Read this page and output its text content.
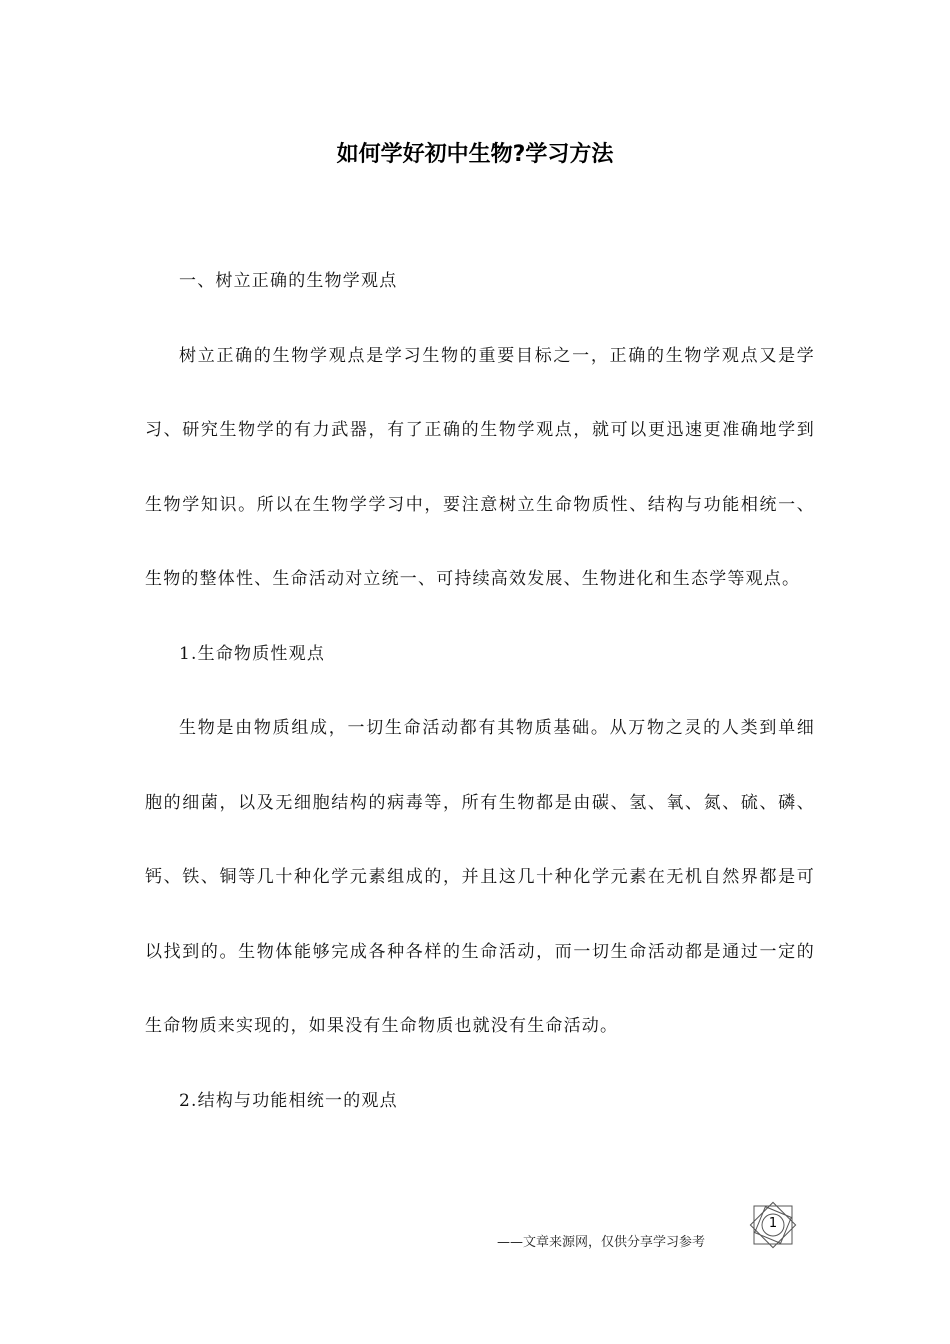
如何学好初中生物?学习方法

一、树立正确的生物学观点

树立正确的生物学观点是学习生物的重要目标之一，正确的生物学观点又是学习、研究生物学的有力武器，有了正确的生物学观点，就可以更迅速更准确地学到生物学知识。所以在生物学学习中，要注意树立生命物质性、结构与功能相统一、生物的整体性、生命活动对立统一、可持续高效发展、生物进化和生态学等观点。

1.生命物质性观点

生物是由物质组成，一切生命活动都有其物质基础。从万物之灵的人类到单细胞的细菌，以及无细胞结构的病毒等，所有生物都是由碳、氢、氧、氮、硫、磷、钙、铁、铜等几十种化学元素组成的，并且这几十种化学元素在无机自然界都是可以找到的。生物体能够完成各种各样的生命活动，而一切生命活动都是通过一定的生命物质来实现的，如果没有生命物质也就没有生命活动。

2.结构与功能相统一的观点

——文章来源网，仅供分享学习参考
1
